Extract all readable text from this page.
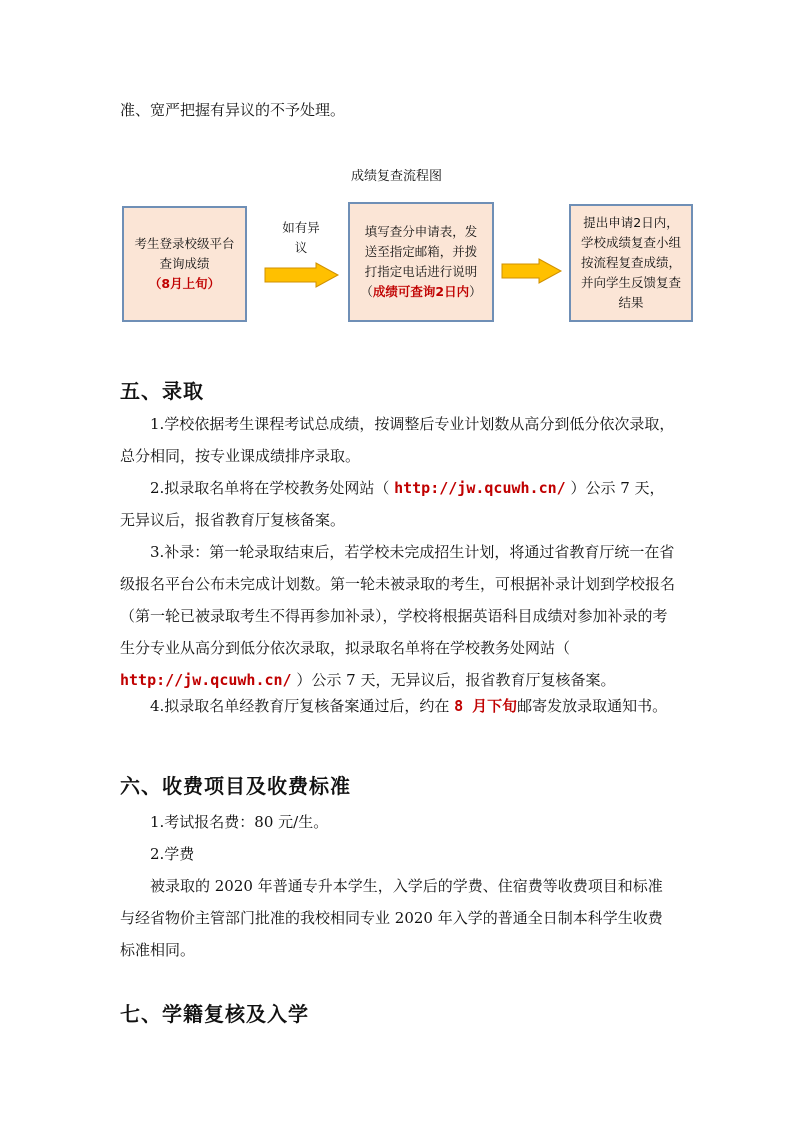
准、宽严把握有异议的不予处理。
成绩复查流程图
考生登录校级平台查询成绩
（8月上旬）
如有异议
填写查分申请表，发送至指定邮箱，并拨打指定电话进行说明（成绩可查询2日内）
提出申请2日内，学校成绩复查小组按流程复查成绩，并向学生反馈复查结果
五、录取
1.学校依据考生课程考试总成绩，按调整后专业计划数从高分到低分依次录取，总分相同，按专业课成绩排序录取。
2.拟录取名单将在学校教务处网站（ http://jw.qcuwh.cn/ ）公示 7 天，无异议后，报省教育厅复核备案。
3.补录：第一轮录取结束后，若学校未完成招生计划，将通过省教育厅统一在省级报名平台公布未完成计划数。第一轮未被录取的考生，可根据补录计划到学校报名（第一轮已被录取考生不得再参加补录），学校将根据英语科目成绩对参加补录的考生分专业从高分到低分依次录取，拟录取名单将在学校教务处网站（ http://jw.qcuwh.cn/ ）公示 7 天，无异议后，报省教育厅复核备案。
4.拟录取名单经教育厅复核备案通过后，约在 8 月下旬邮寄发放录取通知书。
六、收费项目及收费标准
1.考试报名费：80 元/生。
2.学费
被录取的 2020 年普通专升本学生，入学后的学费、住宿费等收费项目和标准与经省物价主管部门批准的我校相同专业 2020 年入学的普通全日制本科学生收费标准相同。
七、学籍复核及入学
